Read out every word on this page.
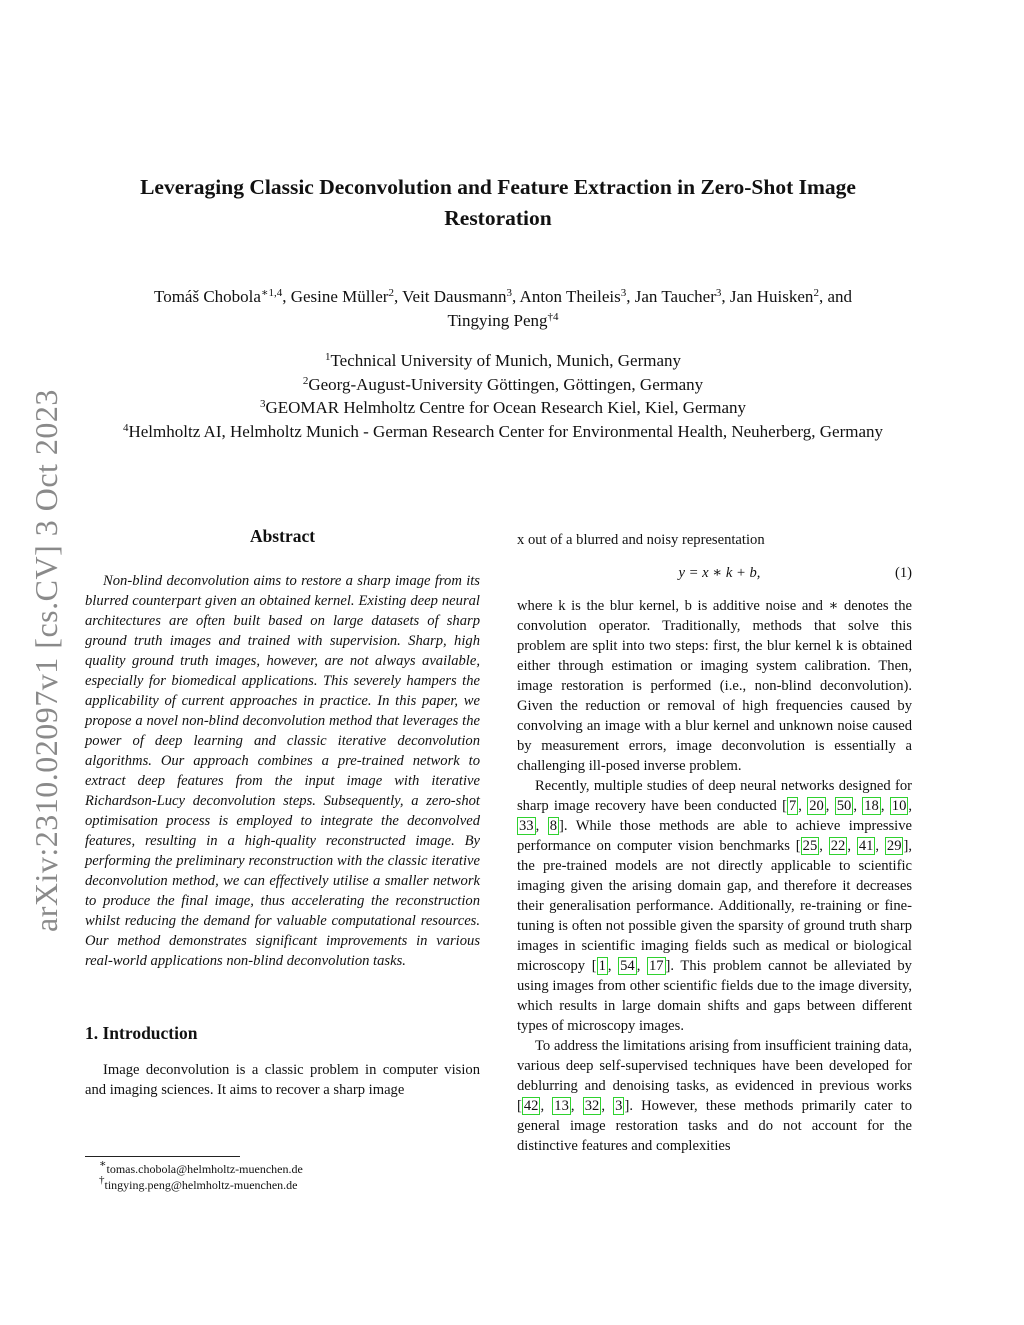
arXiv:2310.02097v1 [cs.CV] 3 Oct 2023
Leveraging Classic Deconvolution and Feature Extraction in Zero-Shot Image
Restoration
Tomáš Chobola$^{∗1,4}$, Gesine Müller$^2$, Veit Dausmann$^3$, Anton Theileis$^3$, Jan Taucher$^3$, Jan Huisken$^2$, and
Tingying Peng$^{\dagger 4}$
$^1$Technical University of Munich, Munich, Germany
$^2$Georg-August-University Göttingen, Göttingen, Germany
$^3$GEOMAR Helmholtz Centre for Ocean Research Kiel, Kiel, Germany
$^4$Helmholtz AI, Helmholtz Munich - German Research Center for Environmental Health, Neuherberg, Germany
Abstract

Non-blind deconvolution aims to restore a sharp image from its blurred counterpart given an obtained kernel. Existing deep neural architectures are often built based on large datasets of sharp ground truth images and trained with supervision. Sharp, high quality ground truth images, however, are not always available, especially for biomedical applications. This severely hampers the applicability of current approaches in practice. In this paper, we propose a novel non-blind deconvolution method that leverages the power of deep learning and classic iterative deconvolution algorithms. Our approach combines a pre-trained network to extract deep features from the input image with iterative Richardson-Lucy deconvolution steps. Subsequently, a zero-shot optimisation process is employed to integrate the deconvolved features, resulting in a high-quality reconstructed image. By performing the preliminary reconstruction with the classic iterative deconvolution method, we can effectively utilise a smaller network to produce the final image, thus accelerating the reconstruction whilst reducing the demand for valuable computational resources. Our method demonstrates significant improvements in various real-world applications non-blind deconvolution tasks.

1. Introduction

Image deconvolution is a classic problem in computer vision and imaging sciences. It aims to recover a sharp image

x out of a blurred and noisy representation

y = x ∗ k + b,	(1)

where k is the blur kernel, b is additive noise and ∗ denotes the convolution operator. Traditionally, methods that solve this problem are split into two steps: first, the blur kernel k is obtained either through estimation or imaging system calibration. Then, image restoration is performed (i.e., non-blind deconvolution). Given the reduction or removal of high frequencies caused by convolving an image with a blur kernel and unknown noise caused by measurement errors, image deconvolution is essentially a challenging ill-posed inverse problem.

Recently, multiple studies of deep neural networks designed for sharp image recovery have been conducted [ 7 , 20 , 50 , 18 , 10 , 33 , 8 ]. While those methods are able to achieve impressive performance on computer vision benchmarks [ 25 , 22 , 41 , 29 ], the pre-trained models are not directly applicable to scientific imaging given the arising domain gap, and therefore it decreases their generalisation performance. Additionally, re-training or fine-tuning is often not possible given the sparsity of ground truth sharp images in scientific imaging fields such as medical or biological microscopy [ 1 , 54 , 17 ]. This problem cannot be alleviated by using images from other scientific fields due to the image diversity, which results in large domain shifts and gaps between different types of microscopy images.

To address the limitations arising from insufficient training data, various deep self-supervised techniques have been developed for deblurring and denoising tasks, as evidenced in previous works [ 42 , 13 , 32 , 3 ]. However, these methods primarily cater to general image restoration tasks and do not account for the distinctive features and complexities

∗tomas.chobola@helmholtz-muenchen.de
†tingying.peng@helmholtz-muenchen.de
